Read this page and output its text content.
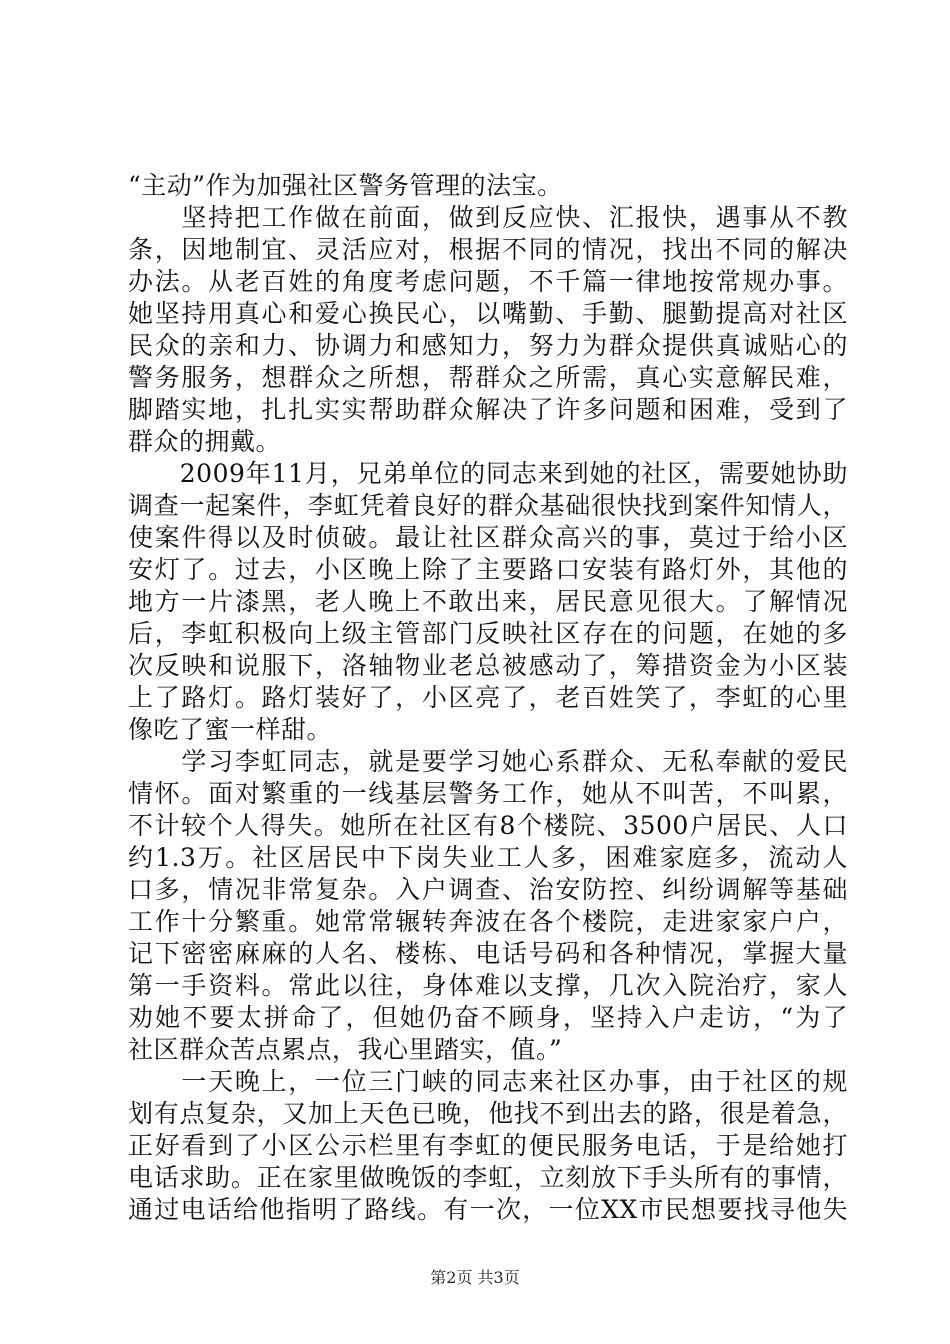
“主动”作为加强社区警务管理的法宝。
　　坚持把工作做在前面，做到反应快、汇报快，遇事从不教
条，因地制宜、灵活应对，根据不同的情况，找出不同的解决
办法。从老百姓的角度考虑问题，不千篇一律地按常规办事。
她坚持用真心和爱心换民心，以嘴勤、手勤、腿勤提高对社区
民众的亲和力、协调力和感知力，努力为群众提供真诚贴心的
警务服务，想群众之所想，帮群众之所需，真心实意解民难，
脚踏实地，扎扎实实帮助群众解决了许多问题和困难，受到了
群众的拥戴。
　　2009年11月，兄弟单位的同志来到她的社区，需要她协助
调查一起案件，李虹凭着良好的群众基础很快找到案件知情人，
使案件得以及时侦破。最让社区群众高兴的事，莫过于给小区
安灯了。过去，小区晚上除了主要路口安装有路灯外，其他的
地方一片漆黑，老人晚上不敢出来，居民意见很大。了解情况
后，李虹积极向上级主管部门反映社区存在的问题，在她的多
次反映和说服下，洛轴物业老总被感动了，筹措资金为小区装
上了路灯。路灯装好了，小区亮了，老百姓笑了，李虹的心里
像吃了蜜一样甜。
　　学习李虹同志，就是要学习她心系群众、无私奉献的爱民
情怀。面对繁重的一线基层警务工作，她从不叫苦，不叫累，
不计较个人得失。她所在社区有8个楼院、3500户居民、人口
约1.3万。社区居民中下岗失业工人多，困难家庭多，流动人
口多，情况非常复杂。入户调查、治安防控、纠纷调解等基础
工作十分繁重。她常常辗转奔波在各个楼院，走进家家户户，
记下密密麻麻的人名、楼栋、电话号码和各种情况，掌握大量
第一手资料。常此以往，身体难以支撑，几次入院治疗，家人
劝她不要太拼命了，但她仍奋不顾身，坚持入户走访，“为了
社区群众苦点累点，我心里踏实，值。”
　　一天晚上，一位三门峡的同志来社区办事，由于社区的规
划有点复杂，又加上天色已晚，他找不到出去的路，很是着急，
正好看到了小区公示栏里有李虹的便民服务电话，于是给她打
电话求助。正在家里做晚饭的李虹，立刻放下手头所有的事情，
通过电话给他指明了路线。有一次，一位XX市民想要找寻他失
第2页 共3页
